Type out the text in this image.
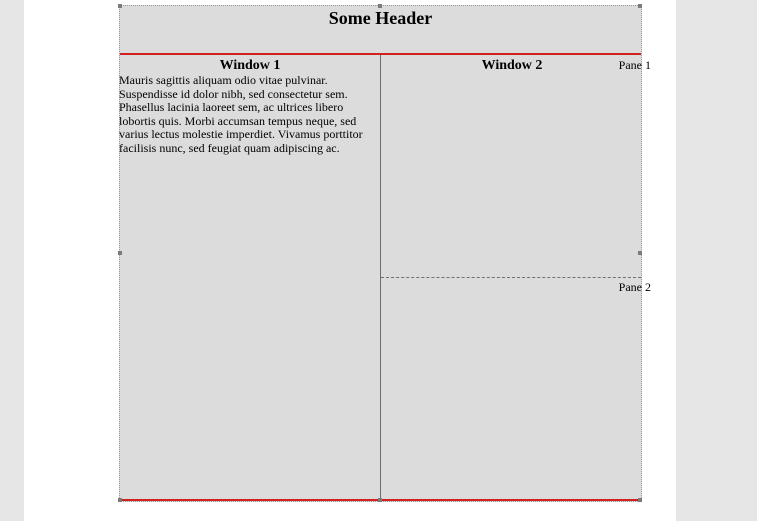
Some Header
Window 1
Mauris sagittis aliquam odio vitae pulvinar. Suspendisse id dolor nibh, sed consectetur sem. Phasellus lacinia laoreet sem, ac ultrices libero lobortis quis. Morbi accumsan tempus neque, sed varius lectus molestie imperdiet. Vivamus porttitor facilisis nunc, sed feugiat quam adipiscing ac.
Window 2	Pane 1
Pane 2
